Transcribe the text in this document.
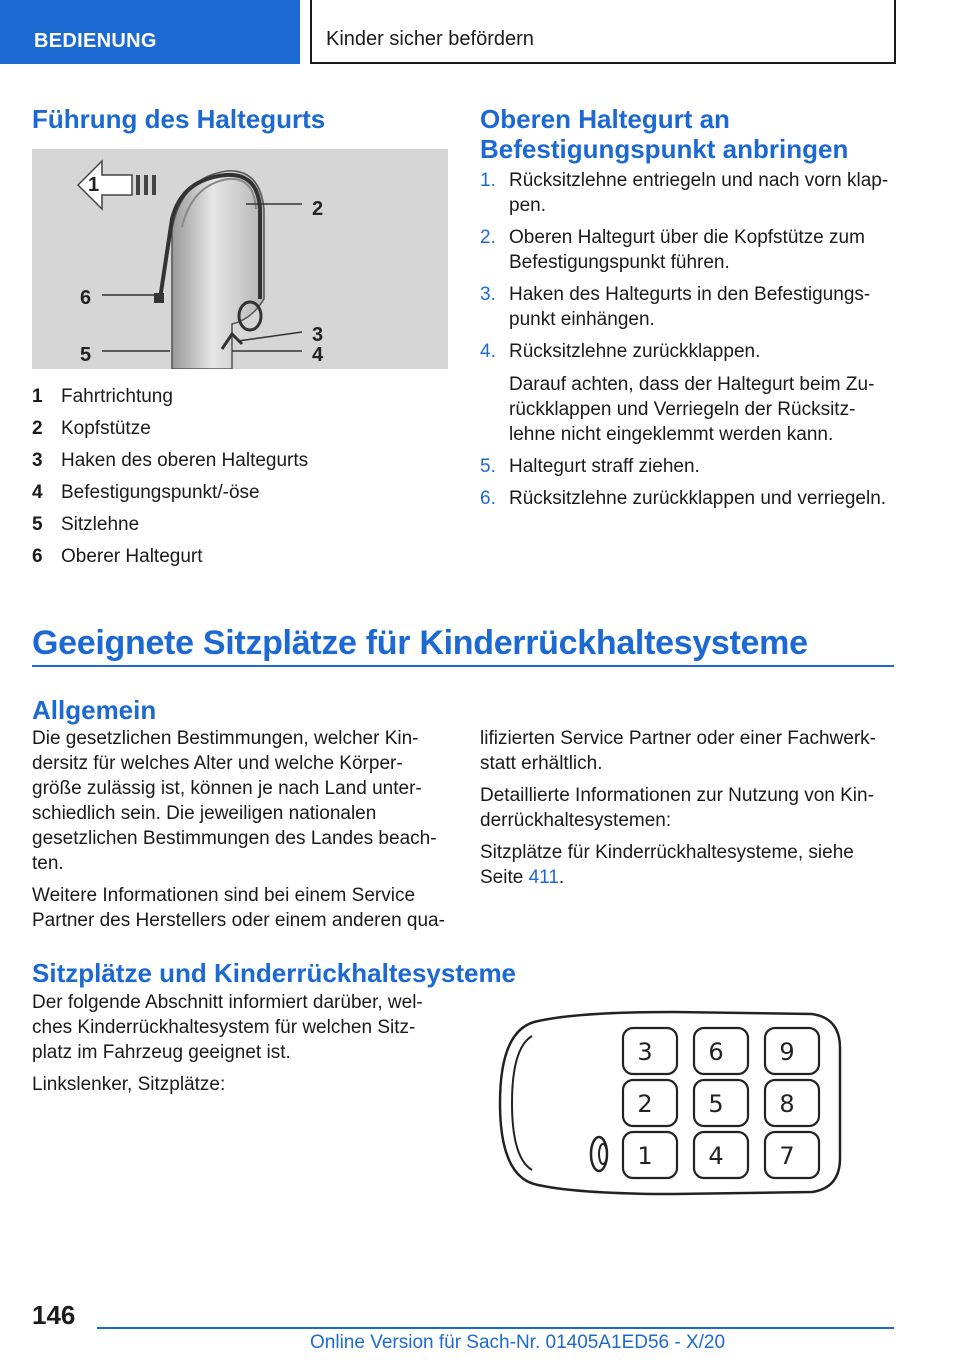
BEDIENUNG	Kinder sicher befördern
Führung des Haltegurts
1
2
3
4
5
6
1 Fahrtrichtung
2 Kopfstütze
3 Haken des oberen Haltegurts
4 Befestigungspunkt/-öse
5 Sitzlehne
6 Oberer Haltegurt
Oberen Haltegurt an
Befestigungspunkt anbringen
1. Rücksitzlehne entriegeln und nach vorn klap-pen.
2. Oberen Haltegurt über die Kopfstütze zum Befestigungspunkt führen.
3. Haken des Haltegurts in den Befestigungs-punkt einhängen.
4. Rücksitzlehne zurückklappen.
Darauf achten, dass der Haltegurt beim Zu-rückklappen und Verriegeln der Rücksitz-lehne nicht eingeklemmt werden kann.
5. Haltegurt straff ziehen.
6. Rücksitzlehne zurückklappen und verriegeln.
Geeignete Sitzplätze für Kinderrückhaltesysteme
Allgemein

Die gesetzlichen Bestimmungen, welcher Kin-dersitz für welches Alter und welche Körper-größe zulässig ist, können je nach Land unter-schiedlich sein. Die jeweiligen nationalen gesetzlichen Bestimmungen des Landes beach-ten.

Weitere Informationen sind bei einem Service Partner des Herstellers oder einem anderen qua-

lifizierten Service Partner oder einer Fachwerk-statt erhältlich.

Detaillierte Informationen zur Nutzung von Kin-derrückhaltesystemen:

Sitzplätze für Kinderrückhaltesysteme, siehe Seite 411.

Sitzplätze und Kinderrückhaltesysteme

Der folgende Abschnitt informiert darüber, wel-ches Kinderrückhaltesystem für welchen Sitz-platz im Fahrzeug geeignet ist.

Linkslenker, Sitzplätze:

3 6 9
2 5 8
1 4 7
146
Online Version für Sach-Nr. 01405A1ED56 - X/20
